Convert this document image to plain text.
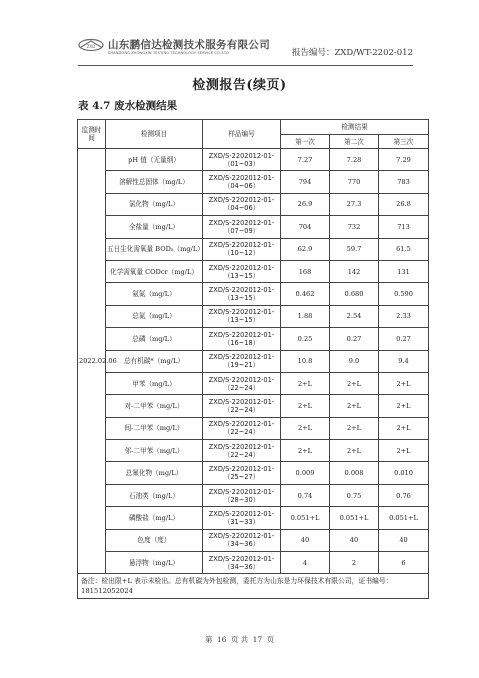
ZXD 山东鹏信达检测技术服务有限公司
SHANDONG ZHONGXIN TESTING TECHNOLOGY SERVICE CO.,LTD	报告编号：ZXD/WT-2202-012
检测报告(续页)
表 4.7 废水检测结果
监测时间	检测项目	样品编号	检测结果		
			第一次	第二次	第三次
2022.02.06	pH 值（无量纲）	ZXD/S-2202012-01-（01~03）	7.27	7.28	7.29
	溶解性总固体（mg/L）	ZXD/S-2202012-01-（04~06）	794	770	783
	氯化物（mg/L）	ZXD/S-2202012-01-（04~06）	26.9	27.3	26.8
	全盐量（mg/L）	ZXD/S-2202012-01-（07~09）	704	732	713
	五日生化需氧量 BOD₅（mg/L）	ZXD/S-2202012-01-（10~12）	62.9	59.7	61.5
	化学需氧量 CODcr（mg/L）	ZXD/S-2202012-01-（13~15）	168	142	131
	氨氮（mg/L）	ZXD/S-2202012-01-（13~15）	0.462	0.680	0.590
	总氮（mg/L）	ZXD/S-2202012-01-（13~15）	1.88	2.54	2.33
	总磷（mg/L）	ZXD/S-2202012-01-（16~18）	0.25	0.27	0.27
	总有机碳*（mg/L）	ZXD/S-2202012-01-（19~21）	10.8	9.0	9.4
	甲苯（mg/L）	ZXD/S-2202012-01-（22~24）	2+L	2+L	2+L
	对-二甲苯（mg/L）	ZXD/S-2202012-01-（22~24）	2+L	2+L	2+L
	间-二甲苯（mg/L）	ZXD/S-2202012-01-（22~24）	2+L	2+L	2+L
	邻-二甲苯（mg/L）	ZXD/S-2202012-01-（22~24）	2+L	2+L	2+L
	总氰化物（mg/L）	ZXD/S-2202012-01-（25~27）	0.009	0.008	0.010
	石油类（mg/L）	ZXD/S-2202012-01-（28~30）	0.74	0.75	0.76
	磷酸盐（mg/L）	ZXD/S-2202012-01-（31~33）	0.051+L	0.051+L	0.051+L
	色度（度）	ZXD/S-2202012-01-（34~36）	40	40	40
	悬浮物（mg/L）	ZXD/S-2202012-01-（34~36）	4	2	6
备注：检出限+L 表示未检出。总有机碳为外包检测，委托方为山东是力环保技术有限公司，证书编号：181512052024					
第 16 页 共 17 页
